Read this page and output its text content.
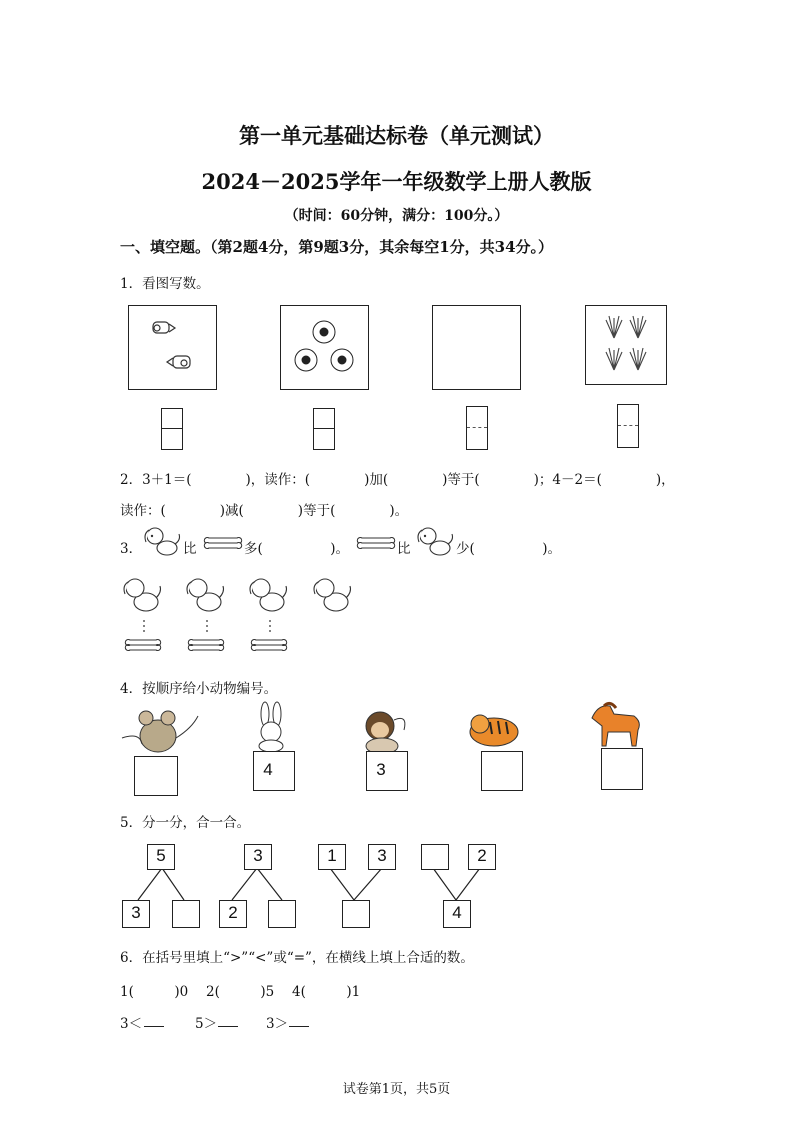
第一单元基础达标卷（单元测试）
2024－2025学年一年级数学上册人教版
（时间：60分钟，满分：100分。）
一、填空题。（第2题4分，第9题3分，其余每空1分，共34分。）
1．看图写数。
2．3＋1＝(　　　　)，读作：(　　　　)加(　　　　)等于(　　　　)；4－2＝(　　　　)，
读作：(　　　　)减(　　　　)等于(　　　　)。
3．	比	多(　　　　　)。	比	少(　　　　　)。
4．按顺序给小动物编号。
4	3
5．分一分，合一合。
5
3
3
2
1	3	2
4
6．在括号里填上“>”“<”或“=”，在横线上填上合适的数。
1(　　　)0　 2(　　　)5　 4(　　　)1
3＜	5＞	3＞
试卷第1页，共5页
